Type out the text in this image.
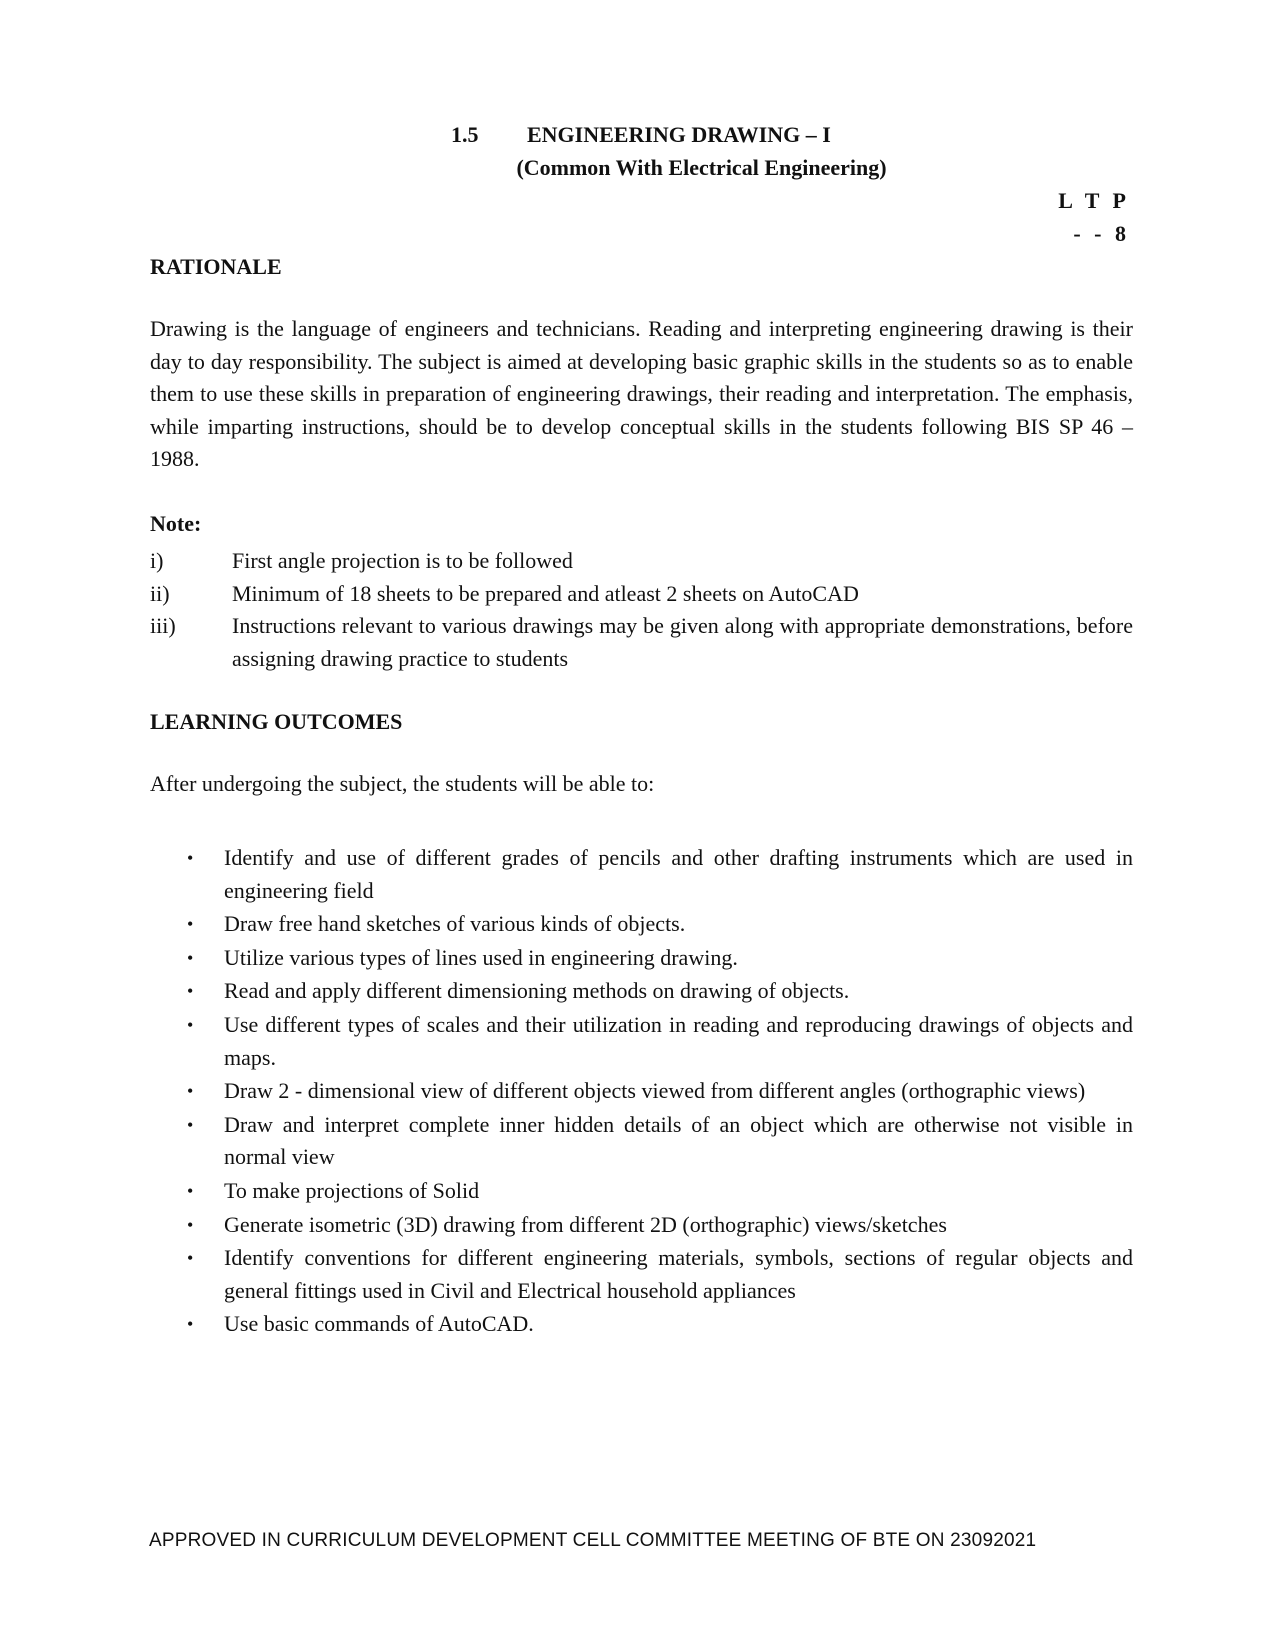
1.5 ENGINEERING DRAWING – I
(Common With Electrical Engineering)
L T P
- - 8
RATIONALE
Drawing is the language of engineers and technicians. Reading and interpreting engineering drawing is their day to day responsibility. The subject is aimed at developing basic graphic skills in the students so as to enable them to use these skills in preparation of engineering drawings, their reading and interpretation. The emphasis, while imparting instructions, should be to develop conceptual skills in the students following BIS SP 46 – 1988.
Note:
i)	First angle projection is to be followed
ii)	Minimum of 18 sheets to be prepared and atleast 2 sheets on AutoCAD
iii)	Instructions relevant to various drawings may be given along with appropriate demonstrations, before assigning drawing practice to students
LEARNING OUTCOMES
After undergoing the subject, the students will be able to:
•	Identify and use of different grades of pencils and other drafting instruments which are used in engineering field
•	Draw free hand sketches of various kinds of objects.
•	Utilize various types of lines used in engineering drawing.
•	Read and apply different dimensioning methods on drawing of objects.
•	Use different types of scales and their utilization in reading and reproducing drawings of objects and maps.
•	Draw 2 - dimensional view of different objects viewed from different angles (orthographic views)
•	Draw and interpret complete inner hidden details of an object which are otherwise not visible in normal view
•	To make projections of Solid
•	Generate isometric (3D) drawing from different 2D (orthographic) views/sketches
•	Identify conventions for different engineering materials, symbols, sections of regular objects and general fittings used in Civil and Electrical household appliances
•	Use basic commands of AutoCAD.
APPROVED IN CURRICULUM DEVELOPMENT CELL COMMITTEE MEETING OF BTE ON 23092021
